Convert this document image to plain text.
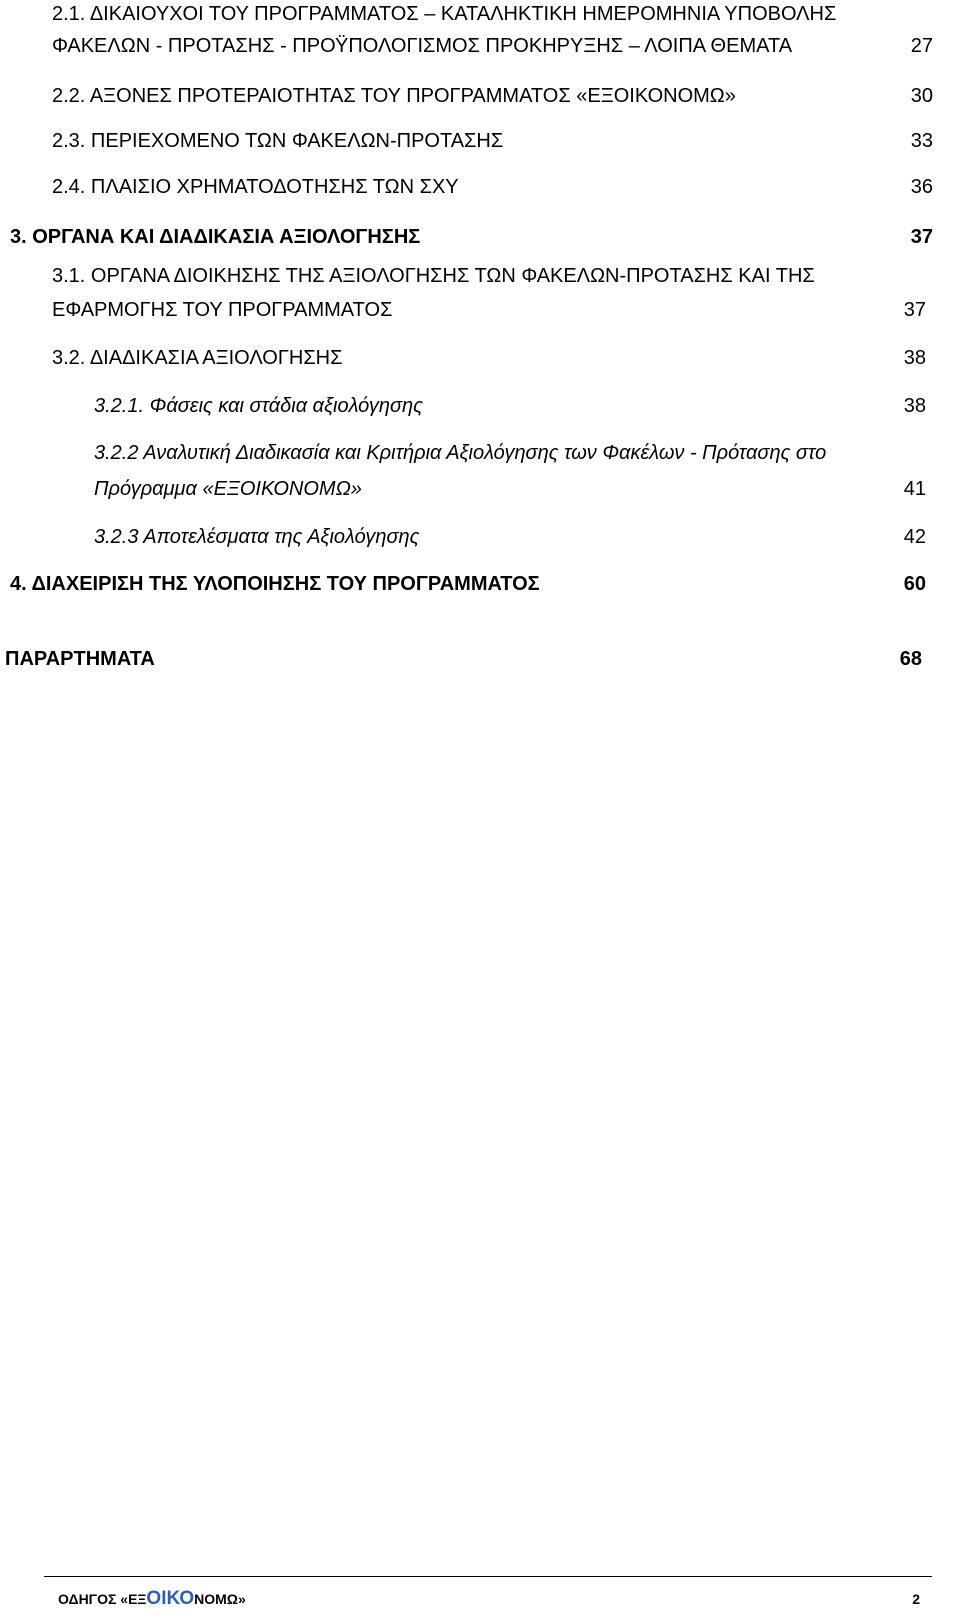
2.1. ΔΙΚΑΙΟΥΧΟΙ ΤΟΥ ΠΡΟΓΡΑΜΜΑΤΟΣ – ΚΑΤΑΛΗΚΤΙΚΗ ΗΜΕΡΟΜΗΝΙΑ ΥΠΟΒΟΛΗΣ
ΦΑΚΕΛΩΝ - ΠΡΟΤΑΣΗΣ - ΠΡΟΫΠΟΛΟΓΙΣΜΟΣ ΠΡΟΚΗΡΥΞΗΣ – ΛΟΙΠΑ ΘΕΜΑΤΑ	27
2.2. ΑΞΟΝΕΣ ΠΡΟΤΕΡΑΙΟΤΗΤΑΣ ΤΟΥ ΠΡΟΓΡΑΜΜΑΤΟΣ «ΕΞΟΙΚΟΝΟΜΩ»	30
2.3. ΠΕΡΙΕΧΟΜΕΝΟ ΤΩΝ ΦΑΚΕΛΩΝ-ΠΡΟΤΑΣΗΣ	33
2.4. ΠΛΑΙΣΙΟ ΧΡΗΜΑΤΟΔΟΤΗΣΗΣ ΤΩΝ ΣΧΥ	36
3. ΟΡΓΑΝΑ ΚΑΙ ΔΙΑΔΙΚΑΣΙΑ ΑΞΙΟΛΟΓΗΣΗΣ	37
3.1. ΟΡΓΑΝΑ ΔΙΟΙΚΗΣΗΣ ΤΗΣ ΑΞΙΟΛΟΓΗΣΗΣ ΤΩΝ ΦΑΚΕΛΩΝ-ΠΡΟΤΑΣΗΣ ΚΑΙ ΤΗΣ
ΕΦΑΡΜΟΓΗΣ ΤΟΥ ΠΡΟΓΡΑΜΜΑΤΟΣ	37
3.2. ΔΙΑΔΙΚΑΣΙΑ ΑΞΙΟΛΟΓΗΣΗΣ	38
3.2.1. Φάσεις και στάδια αξιολόγησης	38
3.2.2 Αναλυτική Διαδικασία και Κριτήρια Αξιολόγησης των Φακέλων - Πρότασης στο
Πρόγραμμα «ΕΞΟΙΚΟΝΟΜΩ»	41
3.2.3 Αποτελέσματα της Αξιολόγησης	42
4. ΔΙΑΧΕΙΡΙΣΗ ΤΗΣ ΥΛΟΠΟΙΗΣΗΣ ΤΟΥ ΠΡΟΓΡΑΜΜΑΤΟΣ	60
ΠΑΡΑΡΤΗΜΑΤΑ	68
ΟΔΗΓΟΣ «ΕΞΟΙΚΟΝΟΜΩ»	2
